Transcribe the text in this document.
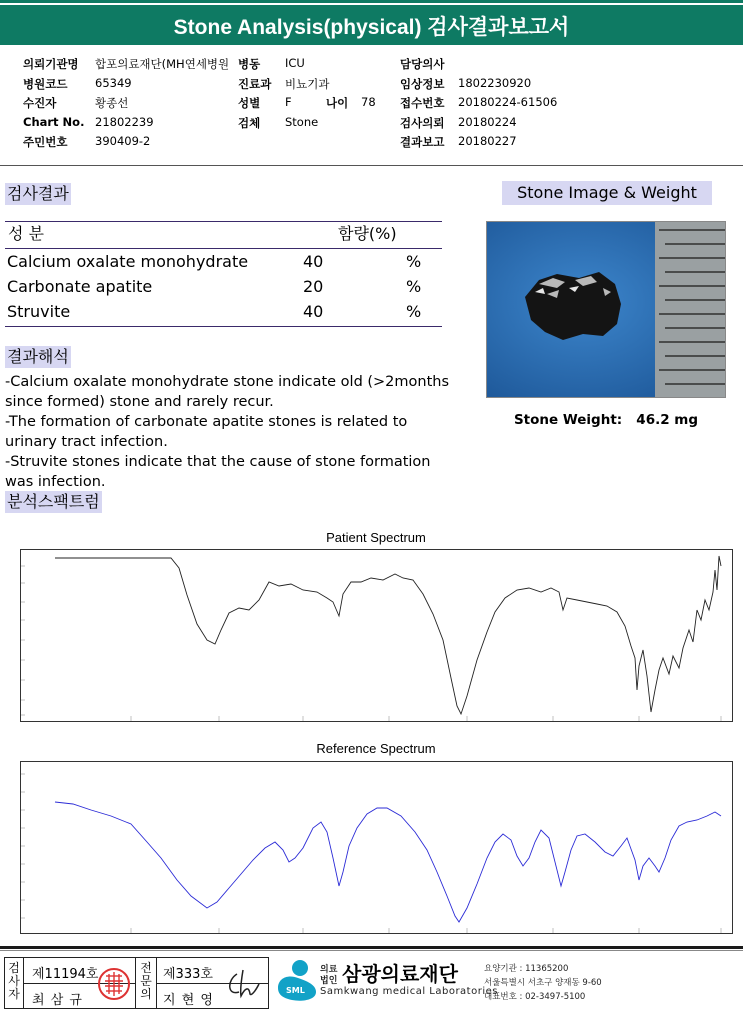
Stone Analysis(physical) 검사결과보고서
의뢰기관명 합포의료재단(MH연세병원 병동 ICU	담당의사
병원코드 65349	진료과 비뇨기과	임상정보 1802230920
수진자	황종선	성별 F	나이 78 접수번호 20180224-61506
Chart No. 21802239	검체 Stone	검사의뢰 20180224
주민번호 390409-2	결과보고 20180227
검사결과
성 분	함량(%)
Calcium oxalate monohydrate	40	%
Carbonate apatite	20	%
Struvite	40	%
결과해석
-Calcium oxalate monohydrate stone indicate old (>2months since formed) stone and rarely recur.
-The formation of carbonate apatite stones is related to urinary tract infection.
-Struvite stones indicate that the cause of stone formation was infection.
분석스팩트럼
Stone Image & Weight
Stone Weight: 46.2 mg
Patient Spectrum
Reference Spectrum
검사자
제11194호
최 삼 규
전문의
제333호
지 현 영
SML
의료
법인 삼광의료재단
Samkwang medical Laboratories
요양기관 : 11365200
서울특별시 서초구 양재동 9-60
대표번호 : 02-3497-5100
